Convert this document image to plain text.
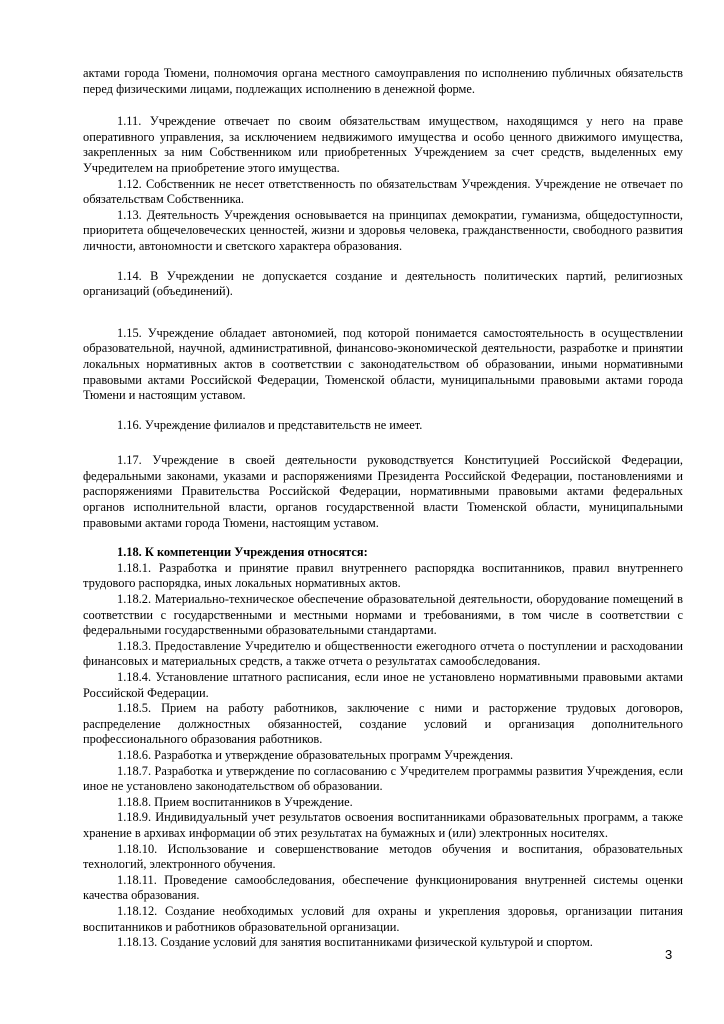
актами города Тюмени, полномочия органа местного самоуправления по исполнению публичных обязательств перед физическими лицами, подлежащих исполнению в денежной форме.

1.11. Учреждение отвечает по своим обязательствам имуществом, находящимся у него на праве оперативного управления, за исключением недвижимого имущества и особо ценного движимого имущества, закрепленных за ним Собственником или приобретенных Учреждением за счет средств, выделенных ему Учредителем на приобретение этого имущества.

1.12. Собственник не несет ответственность по обязательствам Учреждения. Учреждение не отвечает по обязательствам Собственника.

1.13. Деятельность Учреждения основывается на принципах демократии, гуманизма, общедоступности, приоритета общечеловеческих ценностей, жизни и здоровья человека, гражданственности, свободного развития личности, автономности и светского характера образования.

1.14. В Учреждении не допускается создание и деятельность политических партий, религиозных организаций (объединений).

1.15. Учреждение обладает автономией, под которой понимается самостоятельность в осуществлении образовательной, научной, административной, финансово-экономической деятельности, разработке и принятии локальных нормативных актов в соответствии с законодательством об образовании, иными нормативными правовыми актами Российской Федерации, Тюменской области, муниципальными правовыми актами города Тюмени и настоящим уставом.

1.16. Учреждение филиалов и представительств не имеет.

1.17. Учреждение в своей деятельности руководствуется Конституцией Российской Федерации, федеральными законами, указами и распоряжениями Президента Российской Федерации, постановлениями и распоряжениями Правительства Российской Федерации, нормативными правовыми актами федеральных органов исполнительной власти, органов государственной власти Тюменской области, муниципальными правовыми актами города Тюмени, настоящим уставом.

1.18. К компетенции Учреждения относятся:

1.18.1. Разработка и принятие правил внутреннего распорядка воспитанников, правил внутреннего трудового распорядка, иных локальных нормативных актов.

1.18.2. Материально-техническое обеспечение образовательной деятельности, оборудование помещений в соответствии с государственными и местными нормами и требованиями, в том числе в соответствии с федеральными государственными образовательными стандартами.

1.18.3. Предоставление Учредителю и общественности ежегодного отчета о поступлении и расходовании финансовых и материальных средств, а также отчета о результатах самообследования.

1.18.4. Установление штатного расписания, если иное не установлено нормативными правовыми актами Российской Федерации.

1.18.5. Прием на работу работников, заключение с ними и расторжение трудовых договоров, распределение должностных обязанностей, создание условий и организация дополнительного профессионального образования работников.

1.18.6. Разработка и утверждение образовательных программ Учреждения.

1.18.7. Разработка и утверждение по согласованию с Учредителем программы развития Учреждения, если иное не установлено законодательством об образовании.

1.18.8. Прием воспитанников в Учреждение.

1.18.9. Индивидуальный учет результатов освоения воспитанниками образовательных программ, а также хранение в архивах информации об этих результатах на бумажных и (или) электронных носителях.

1.18.10. Использование и совершенствование методов обучения и воспитания, образовательных технологий, электронного обучения.

1.18.11. Проведение самообследования, обеспечение функционирования внутренней системы оценки качества образования.

1.18.12. Создание необходимых условий для охраны и укрепления здоровья, организации питания воспитанников и работников образовательной организации.

1.18.13. Создание условий для занятия воспитанниками физической культурой и спортом.

3
